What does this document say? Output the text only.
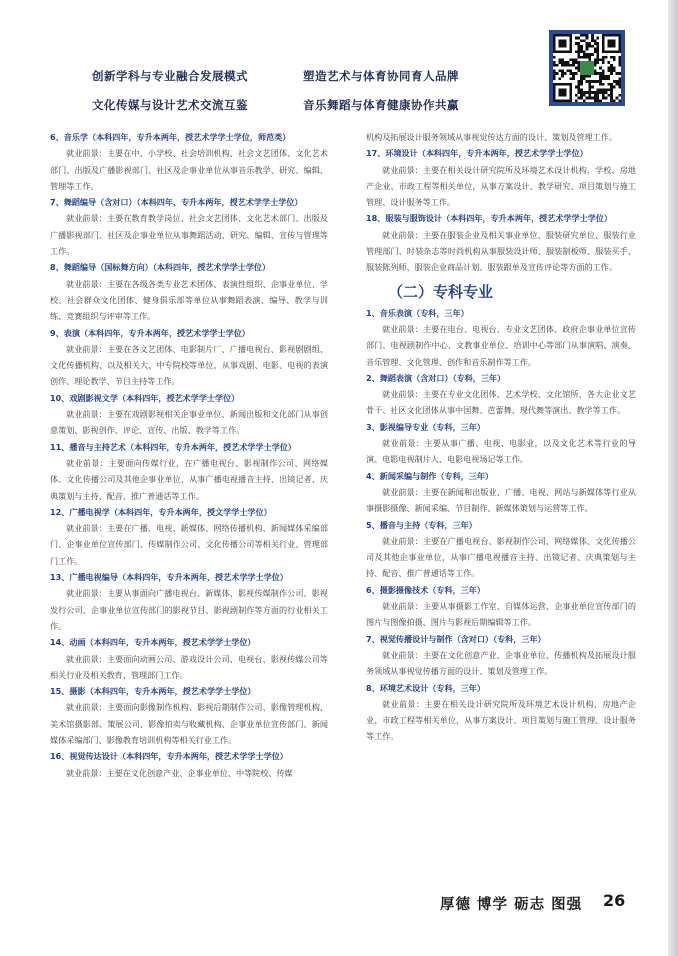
创新学科与专业融合发展模式	塑造艺术与体育协同育人品牌
文化传媒与设计艺术交流互鉴	音乐舞蹈与体育健康协作共赢
6、音乐学（本科四年，专升本两年，授艺术学学士学位，师范类）

就业前景：主要在中、小学校、社会培训机构、社会文艺团体、文化艺术部门、出版及广播影视部门、社区及企事业单位从事音乐教学、研究、编辑、管理等工作。

7、舞蹈编导（含对口）（本科四年，专升本两年，授艺术学学士学位）

就业前景：主要在教育教学岗位、社会文艺团体、文化艺术部门、出版及广播影视部门、社区及企事业单位从事舞蹈活动、研究、编辑、宣传与管理等工作。

8、舞蹈编导（国标舞方向）（本科四年，授艺术学学士学位）

就业前景：主要在各级各类专业艺术团体、表演性组织、企事业单位、学校、社会群众文化团体、健身俱乐部等单位从事舞蹈表演、编导、教学与训练、竞赛组织与评审等工作。

9、表演（本科四年，专升本两年，授艺术学学士学位）

就业前景：主要在各文艺团体、电影制片厂、广播电视台、影视剧剧组、文化传播机构、以及相关大、中专院校等单位，从事戏剧、电影、电视的表演创作、理论教学、节目主持等工作。

10、戏剧影视文学（本科四年，授艺术学学士学位）

就业前景：主要在戏剧影视相关企事业单位、新闻出版和文化部门从事创意策划、影视创作、评论、宣传、出版、教学等工作。

11、播音与主持艺术（本科四年，专升本两年，授艺术学学士学位）

就业前景：主要面向传媒行业，在广播电视台、影视制作公司、网络媒体、文化传播公司及其他企事业单位，从事广播电视播音主持、出镜记者、庆典策划与主持、配音、推广普通话等工作。

12、广播电视学（本科四年，专升本两年，授文学学士学位）

就业前景：主要在广播、电视、新媒体、网络传播机构、新闻媒体采编部门、企事业单位宣传部门、传媒制作公司、文化传播公司等相关行业、管理部门工作。

13、广播电视编导（本科四年，专升本两年，授艺术学学士学位）

就业前景：主要从事面向广播电视台、新媒体、影视传媒制作公司、影视发行公司、企事业单位宣传部门的影视节目、影视剧制作等方面的行业相关工作。

14、动画（本科四年，专升本两年，授艺术学学士学位）

就业前景：主要面向动画公司、游戏设计公司、电视台、影视传媒公司等相关行业及相关教育、管理部门工作。

15、摄影（本科四年，专升本两年，授艺术学学士学位）

就业前景：主要面向影像制作机构、影视后期制作公司、影像管理机构、美术馆摄影部、策展公司、影像拍卖与收藏机构、企事业单位宣传部门、新闻媒体采编部门、影像教育培训机构等相关行业工作。

16、视觉传达设计（本科四年，专升本两年，授艺术学学士学位）

就业前景：主要在文化创意产业、企事业单位、中等院校、传媒

机构及拓展设计服务领域从事视觉传达方面的设计、策划及管理工作。

17、环境设计（本科四年，专升本两年，授艺术学学士学位）

就业前景：主要在相关设计研究院所及环境艺术设计机构，学校、房地产企业、市政工程等相关单位，从事方案设计、教学研究、项目策划与施工管理、设计服务等工作。

18、服装与服饰设计（本科四年，专升本两年，授艺术学学士学位）

就业前景：主要在服装企业及相关事业单位、服装研究单位、服装行业管理部门、时装杂志等时尚机构从事服装设计师、服装制板师、服装买手、服装陈列师、服装企业商品计划、服装跟单及宣传评论等方面的工作。

（二）专科专业
1、音乐表演（专科，三年）

就业前景：主要在电台、电视台、专业文艺团体、政府企事业单位宣传部门、电视剧制作中心、文教事业单位、培训中心等部门从事演唱、演奏、音乐管理、文化管理、创作和音乐制作等工作。

2、舞蹈表演（含对口）（专科，三年）

就业前景：主要在专业文化团体、艺术学校、文化馆所、各大企业文艺骨干、社区文化团体从事中国舞、芭蕾舞、现代舞等演出、教学等工作。

3、影视编导专业（专科，三年）

就业前景：主要从事广播、电视、电影业，以及文化艺术等行业的导演、电影电视制片人、电影电视场记等工作。

4、新闻采编与制作（专科，三年）

就业前景：主要在新闻和出版业、广播、电视、网站与新媒体等行业从事摄影摄像、新闻采编、节目制作、新媒体策划与运营等工作。

5、播音与主持（专科，三年）

就业前景：主要在广播电视台、影视制作公司、网络媒体、文化传播公司及其他企事业单位，从事广播电视播音主持、出镜记者、庆典策划与主持、配音、推广普通话等工作。

6、摄影摄像技术（专科，三年）

就业前景：主要从事摄影工作室、自媒体运营、企事业单位宣传部门的图片与图像拍摄、图片与影视后期编辑等工作。

7、视觉传播设计与制作（含对口）（专科，三年）

就业前景：主要在文化创意产业、企事业单位、传播机构及拓展设计服务领域从事视觉传播方面的设计、策划及管理工作。

8、环境艺术设计（专科，三年）

就业前景：主要在相关设计研究院所及环境艺术设计机构，房地产企业、市政工程等相关单位，从事方案设计、项目策划与施工管理、设计服务等工作。

厚德 博学 砺志 图强 26
